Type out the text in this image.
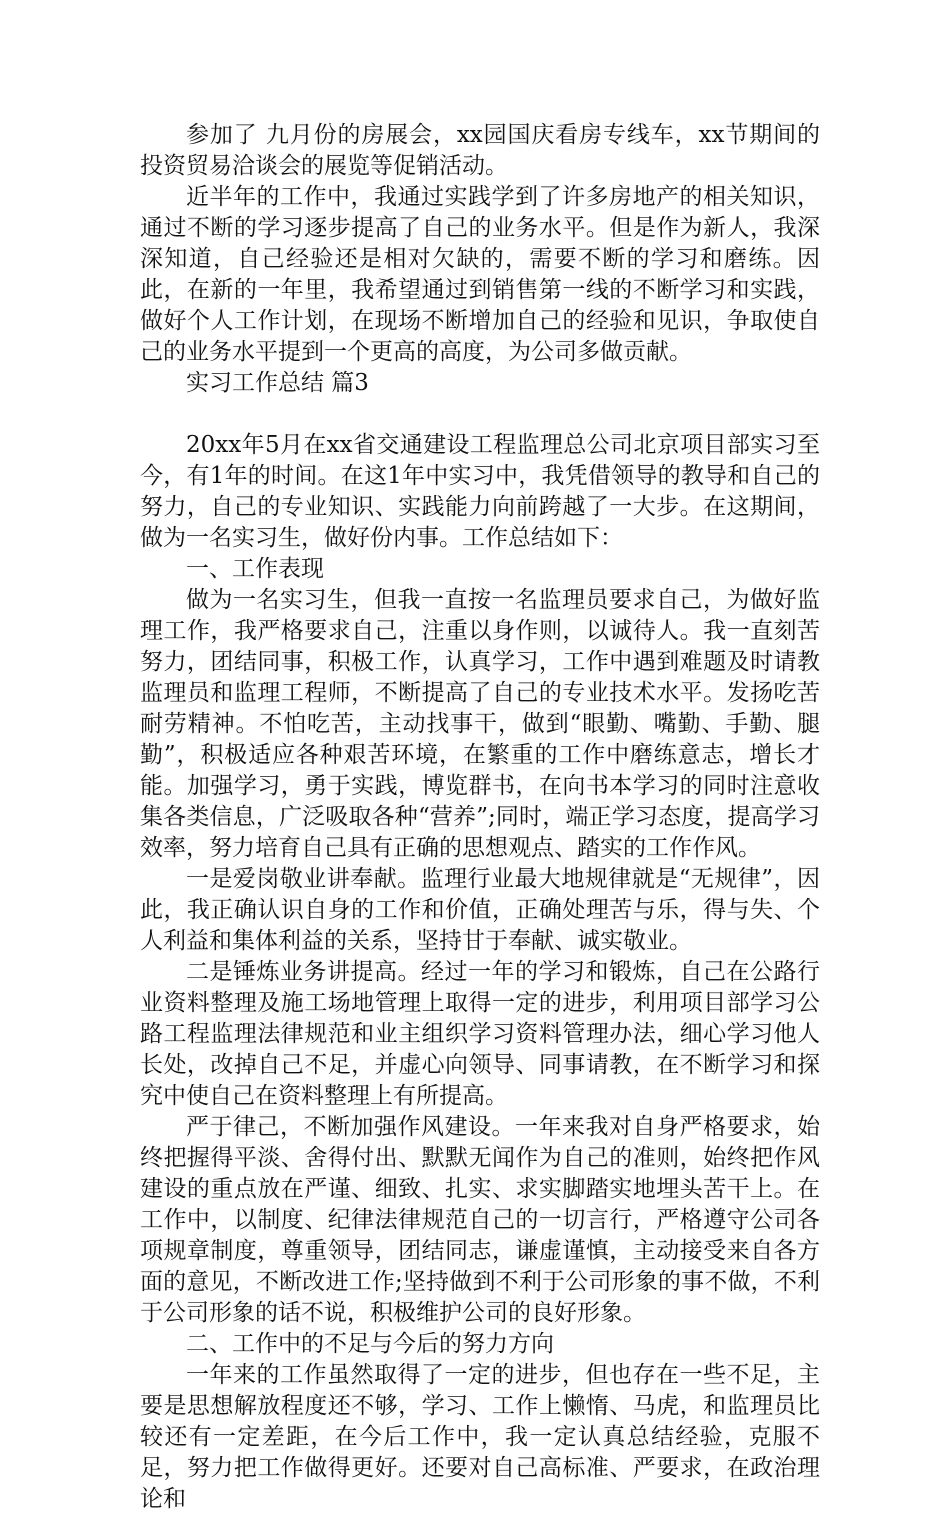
参加了 九月份的房展会，xx园国庆看房专线车，xx节期间的投资贸易洽谈会的展览等促销活动。

近半年的工作中，我通过实践学到了许多房地产的相关知识，通过不断的学习逐步提高了自己的业务水平。但是作为新人，我深深知道，自己经验还是相对欠缺的，需要不断的学习和磨练。因此，在新的一年里，我希望通过到销售第一线的不断学习和实践，做好个人工作计划，在现场不断增加自己的经验和见识，争取使自己的业务水平提到一个更高的高度，为公司多做贡献。

实习工作总结 篇3

20xx年5月在xx省交通建设工程监理总公司北京项目部实习至今，有1年的时间。在这1年中实习中，我凭借领导的教导和自己的努力，自己的专业知识、实践能力向前跨越了一大步。在这期间，做为一名实习生，做好份内事。工作总结如下：

一、工作表现

做为一名实习生，但我一直按一名监理员要求自己，为做好监理工作，我严格要求自己，注重以身作则，以诚待人。我一直刻苦努力，团结同事，积极工作，认真学习，工作中遇到难题及时请教监理员和监理工程师，不断提高了自己的专业技术水平。发扬吃苦耐劳精神。不怕吃苦，主动找事干，做到“眼勤、嘴勤、手勤、腿勤”，积极适应各种艰苦环境，在繁重的工作中磨练意志，增长才能。加强学习，勇于实践，博览群书，在向书本学习的同时注意收集各类信息，广泛吸取各种“营养”;同时，端正学习态度，提高学习效率，努力培育自己具有正确的思想观点、踏实的工作作风。

一是爱岗敬业讲奉献。监理行业最大地规律就是“无规律”，因此，我正确认识自身的工作和价值，正确处理苦与乐，得与失、个人利益和集体利益的关系，坚持甘于奉献、诚实敬业。

二是锤炼业务讲提高。经过一年的学习和锻炼，自己在公路行业资料整理及施工场地管理上取得一定的进步，利用项目部学习公路工程监理法律规范和业主组织学习资料管理办法，细心学习他人长处，改掉自己不足，并虚心向领导、同事请教，在不断学习和探究中使自己在资料整理上有所提高。

严于律己，不断加强作风建设。一年来我对自身严格要求，始终把握得平淡、舍得付出、默默无闻作为自己的准则，始终把作风建设的重点放在严谨、细致、扎实、求实脚踏实地埋头苦干上。在工作中，以制度、纪律法律规范自己的一切言行，严格遵守公司各项规章制度，尊重领导，团结同志，谦虚谨慎，主动接受来自各方面的意见，不断改进工作;坚持做到不利于公司形象的事不做，不利于公司形象的话不说，积极维护公司的良好形象。

二、工作中的不足与今后的努力方向

一年来的工作虽然取得了一定的进步，但也存在一些不足，主要是思想解放程度还不够，学习、工作上懒惰、马虎，和监理员比较还有一定差距，在今后工作中，我一定认真总结经验，克服不足，努力把工作做得更好。还要对自己高标准、严要求，在政治理论和
